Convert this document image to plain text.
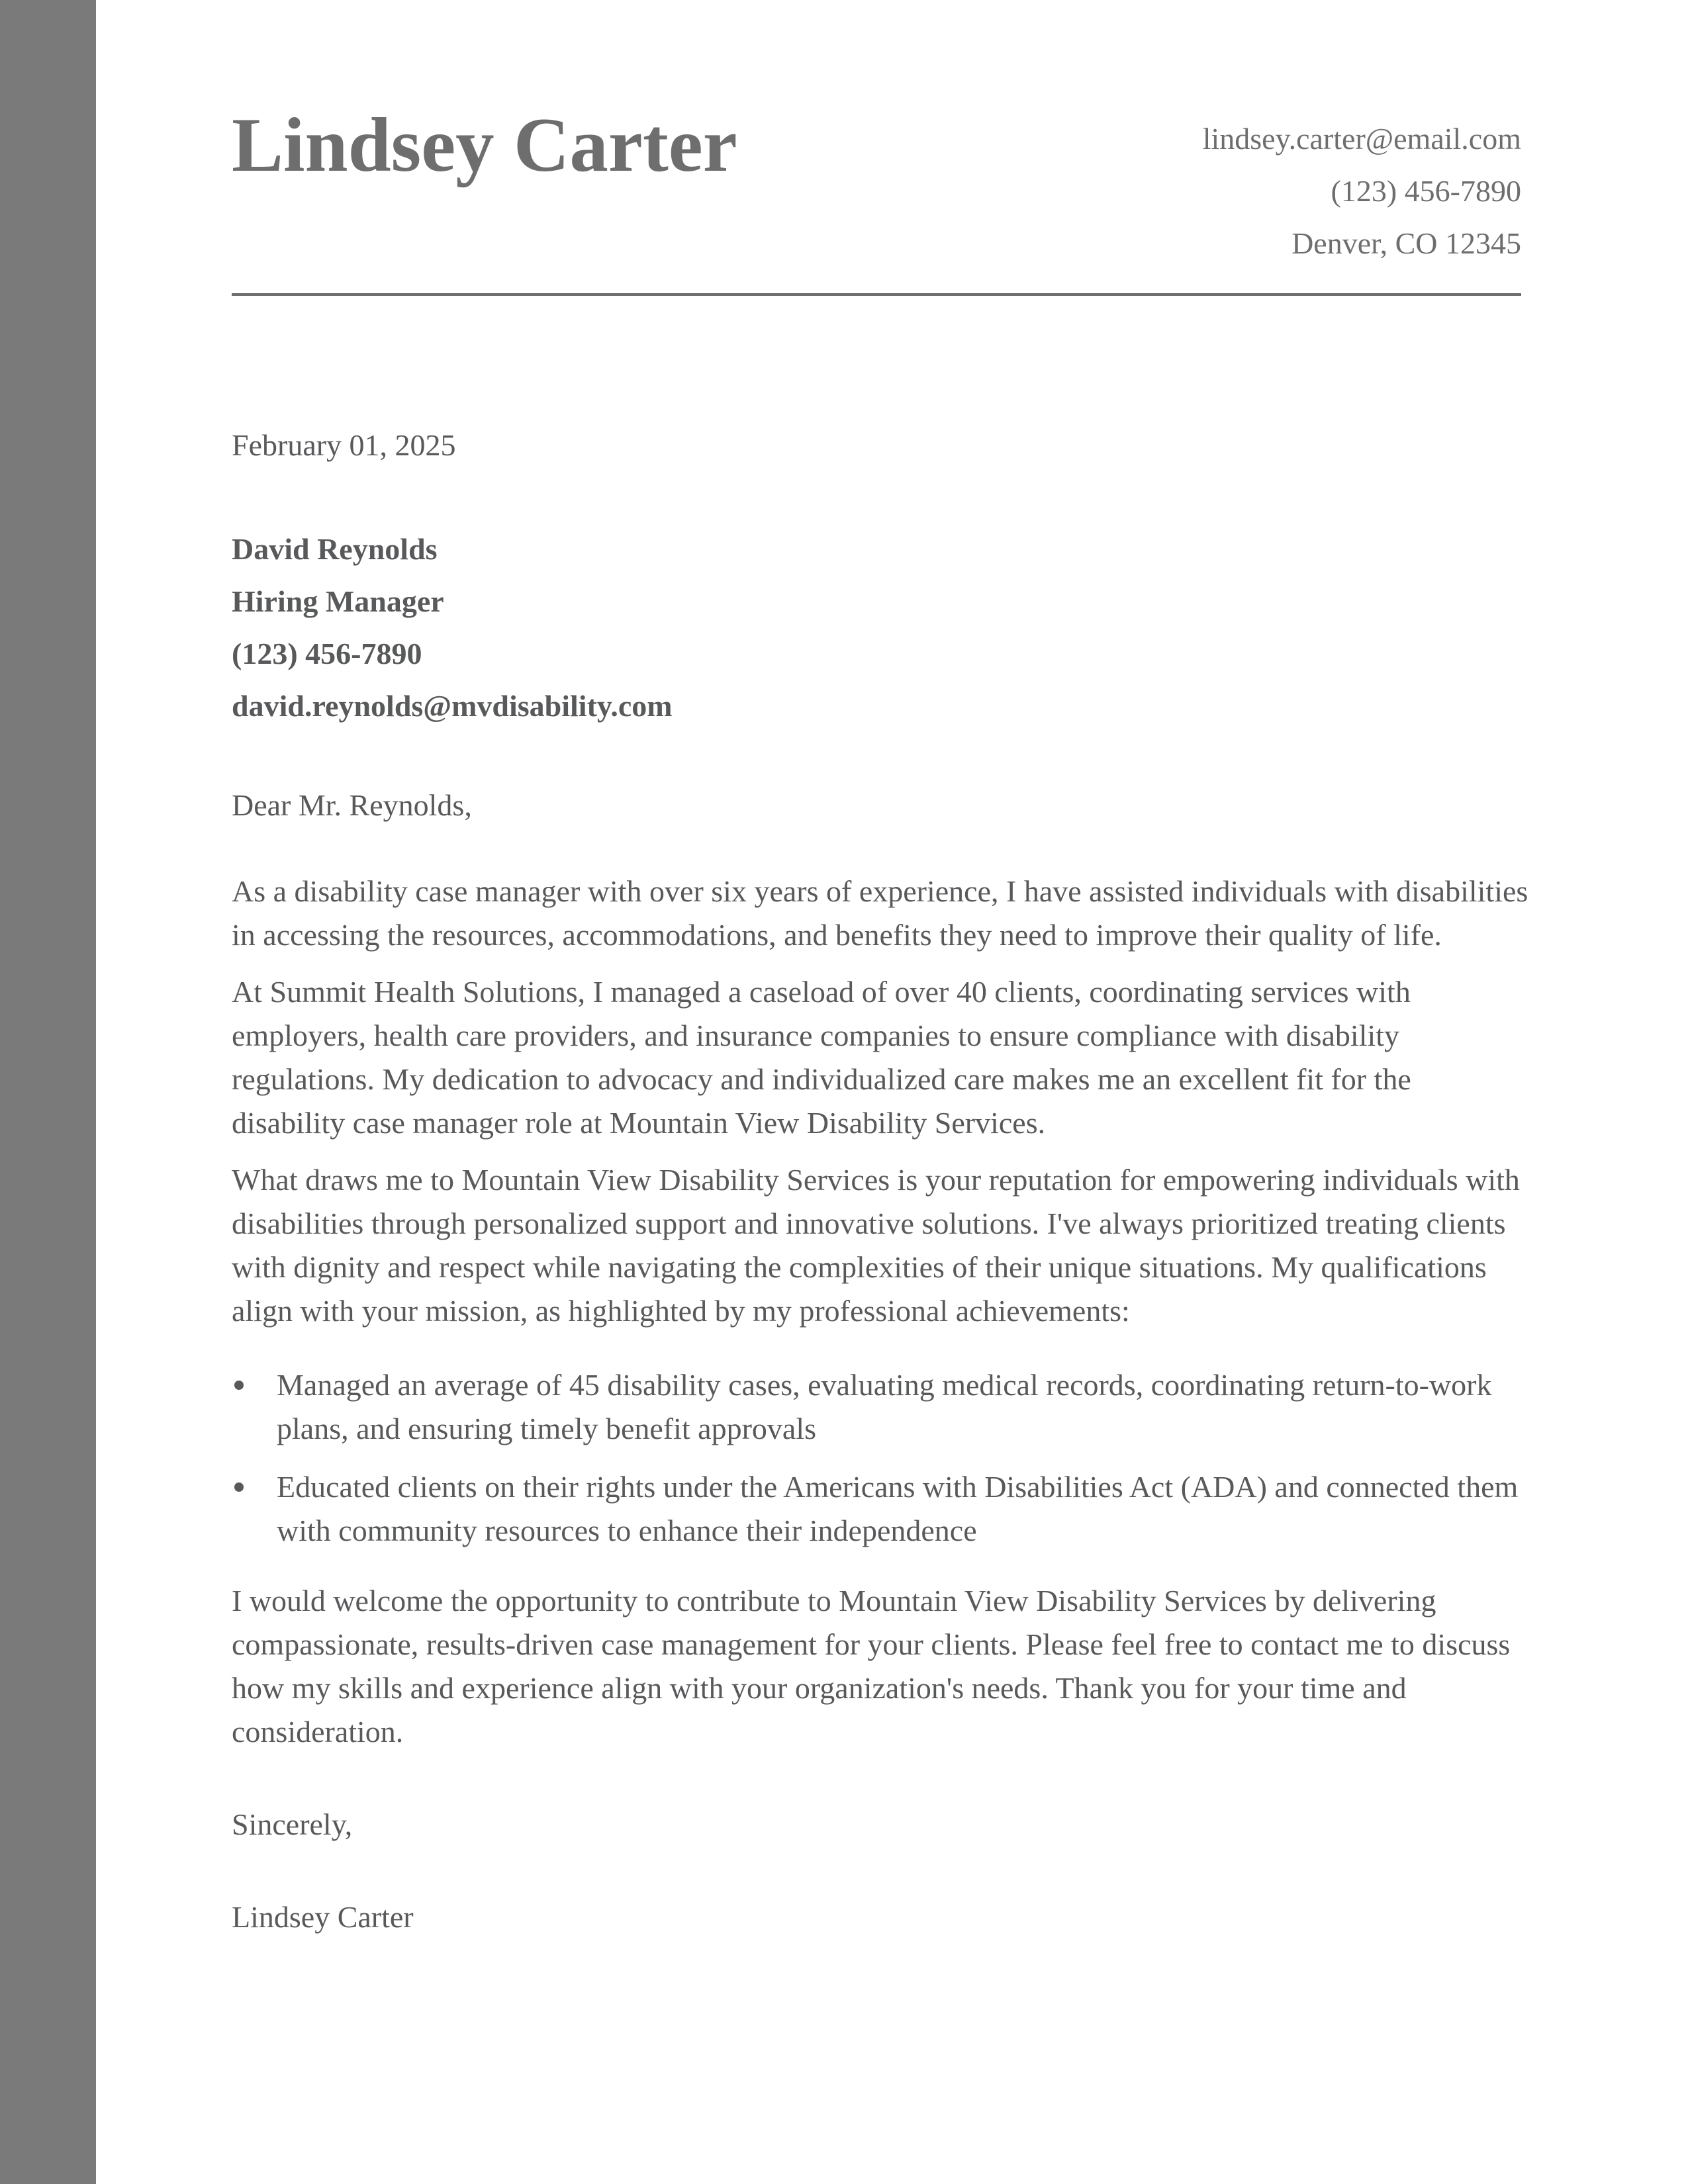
Lindsey Carter	lindsey.carter@email.com
(123) 456-7890
Denver, CO 12345

February 01, 2025

David Reynolds
Hiring Manager
(123) 456-7890
david.reynolds@mvdisability.com

Dear Mr. Reynolds,

As a disability case manager with over six years of experience, I have assisted individuals with disabilities in accessing the resources, accommodations, and benefits they need to improve their quality of life.

At Summit Health Solutions, I managed a caseload of over 40 clients, coordinating services with employers, health care providers, and insurance companies to ensure compliance with disability regulations. My dedication to advocacy and individualized care makes me an excellent fit for the disability case manager role at Mountain View Disability Services.

What draws me to Mountain View Disability Services is your reputation for empowering individuals with disabilities through personalized support and innovative solutions. I've always prioritized treating clients with dignity and respect while navigating the complexities of their unique situations. My qualifications align with your mission, as highlighted by my professional achievements:

Managed an average of 45 disability cases, evaluating medical records, coordinating return-to-work plans, and ensuring timely benefit approvals
Educated clients on their rights under the Americans with Disabilities Act (ADA) and connected them with community resources to enhance their independence

I would welcome the opportunity to contribute to Mountain View Disability Services by delivering compassionate, results-driven case management for your clients. Please feel free to contact me to discuss how my skills and experience align with your organization's needs. Thank you for your time and consideration.

Sincerely,

Lindsey Carter
